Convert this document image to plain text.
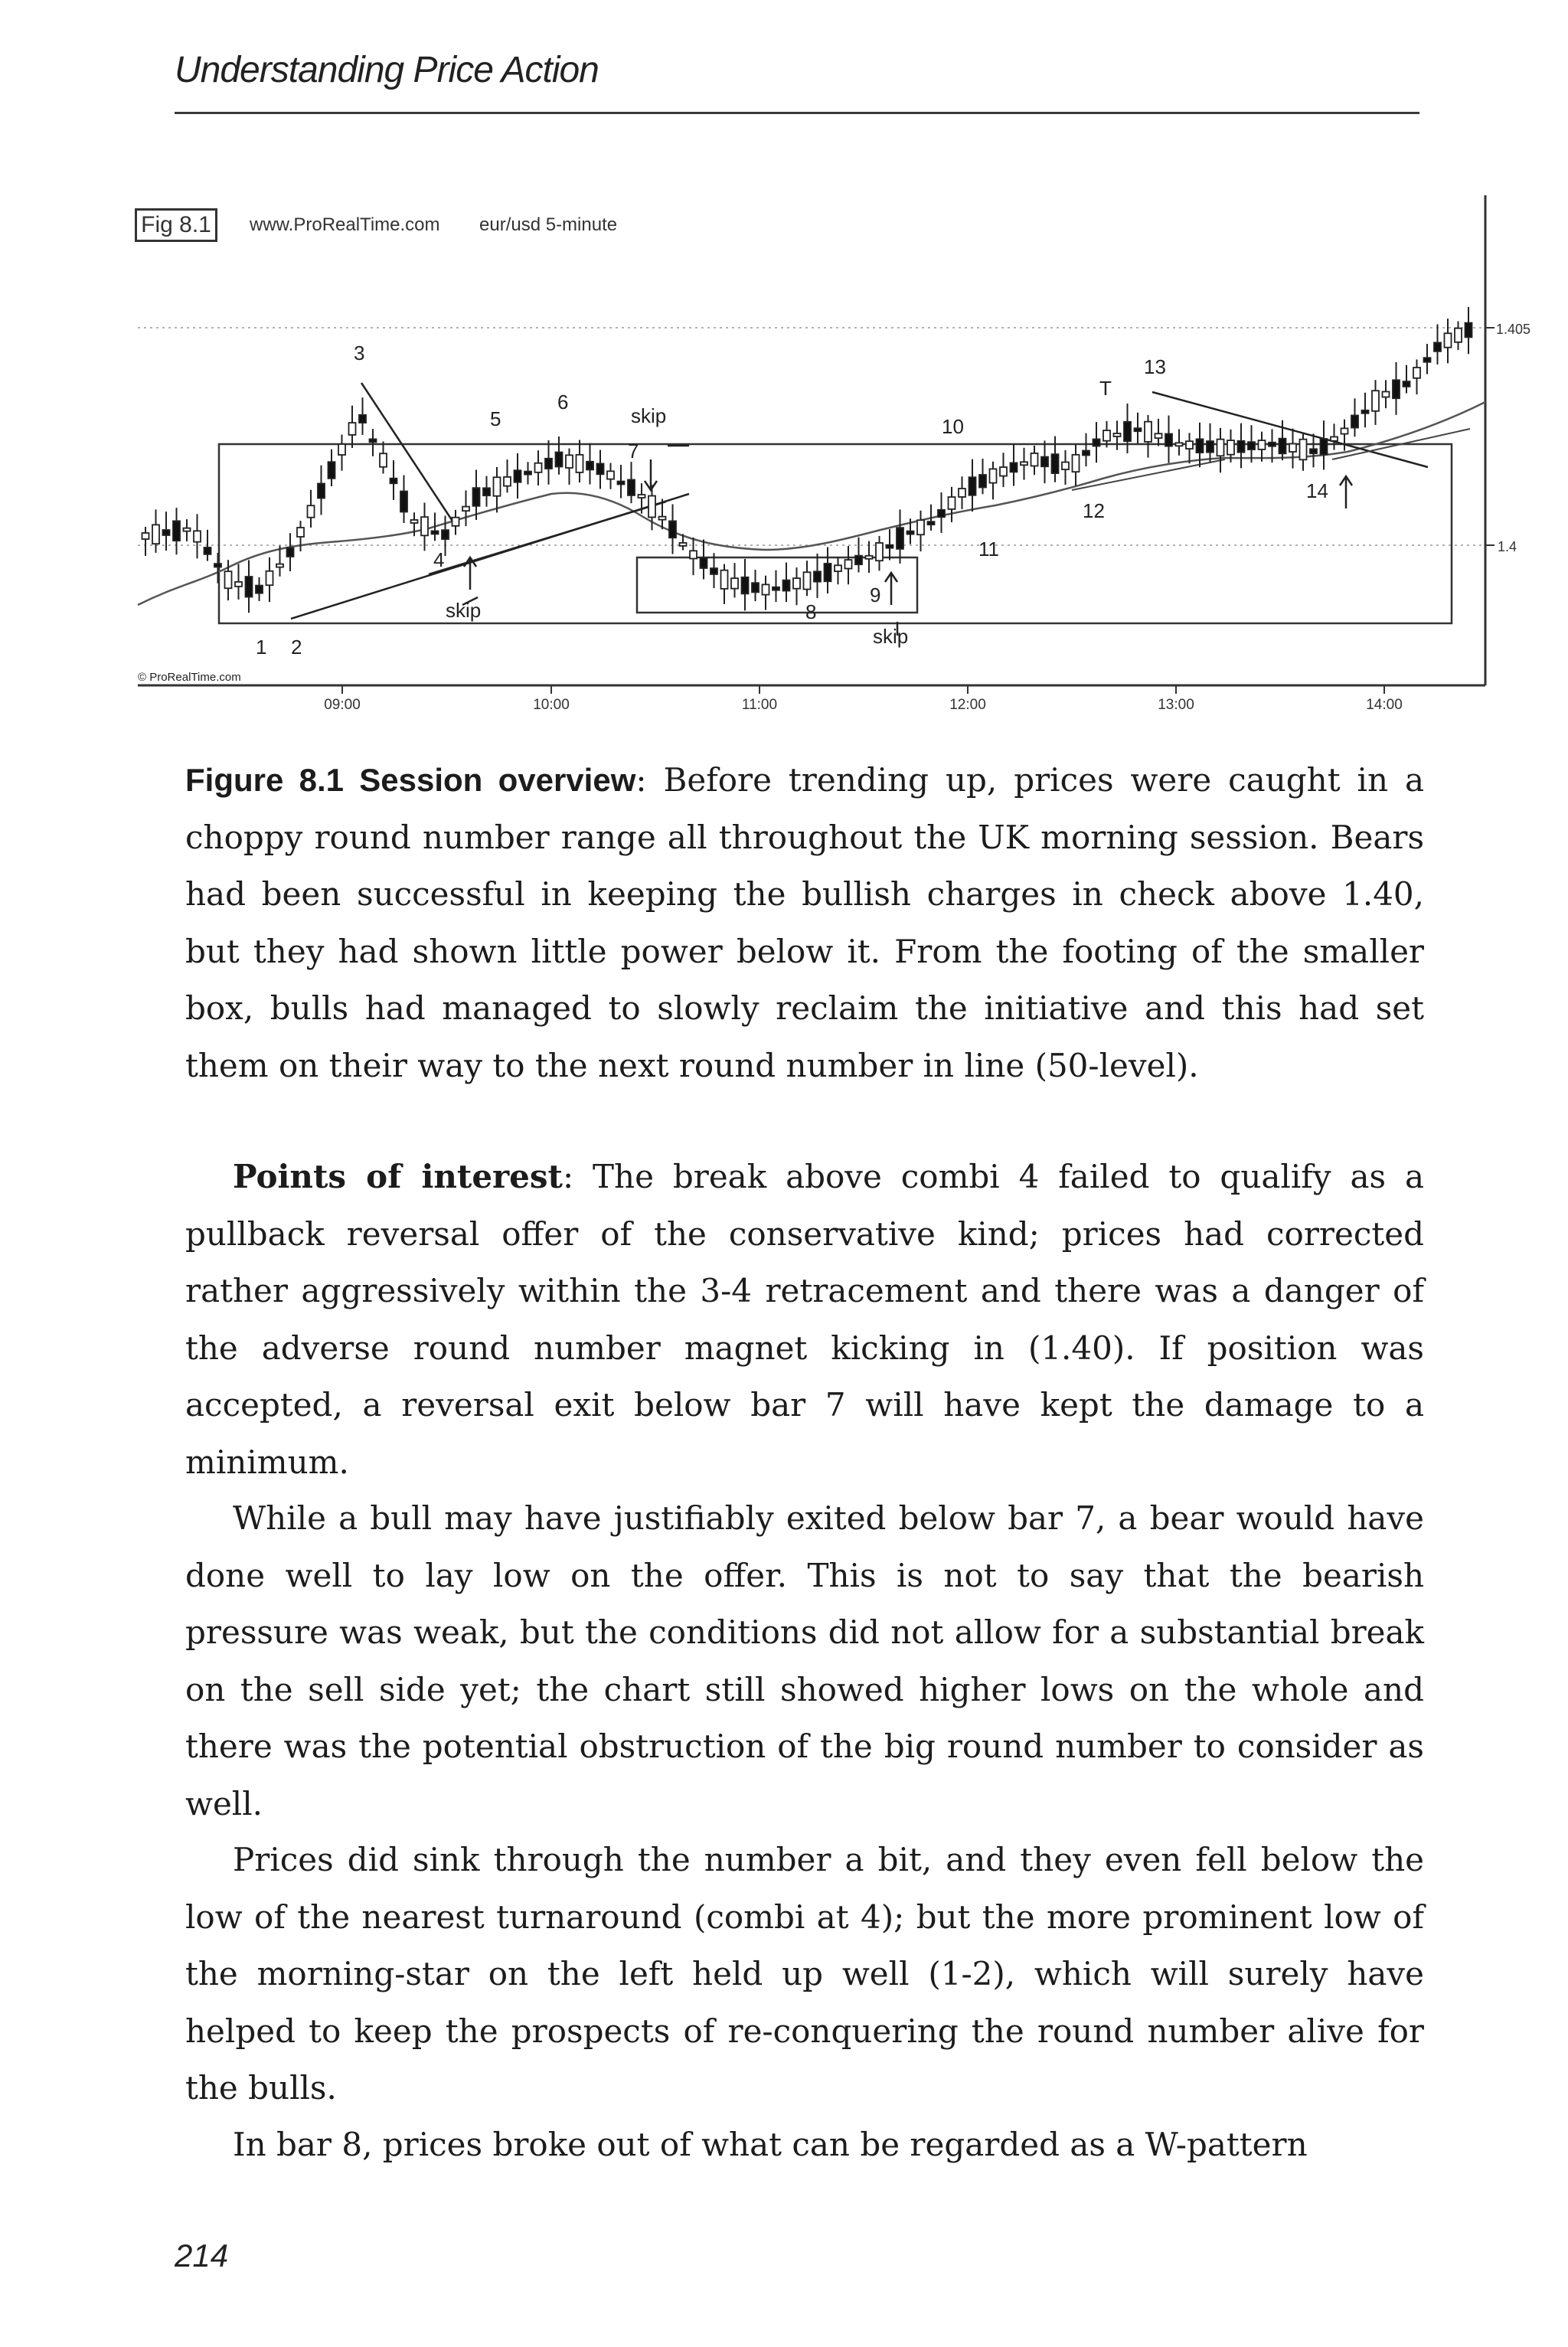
Understanding Price Action
Fig 8.1	www.ProRealTime.com eur/usd 5-minute
1.405
1.4
09:00	10:00	11:00	12:00	13:00	14:00
1 2
3
4
5
6
7
8
9
10
11
12
T
13
14
skip
skip
skip
© ProRealTime.com

Figure 8.1 Session overview: Before trending up, prices were caught in a choppy round number range all throughout the UK morning session. Bears had been successful in keeping the bullish charges in check above 1.40, but they had shown little power below it. From the footing of the smaller box, bulls had managed to slowly reclaim the initiative and this had set them on their way to the next round number in line (50-level).

Points of interest: The break above combi 4 failed to qualify as a pullback reversal offer of the conservative kind; prices had corrected rather aggressively within the 3-4 retracement and there was a danger of the adverse round number magnet kicking in (1.40). If position was accepted, a reversal exit below bar 7 will have kept the damage to a minimum.

While a bull may have justifiably exited below bar 7, a bear would have done well to lay low on the offer. This is not to say that the bearish pressure was weak, but the conditions did not allow for a substantial break on the sell side yet; the chart still showed higher lows on the whole and there was the potential obstruction of the big round number to consider as well.

Prices did sink through the number a bit, and they even fell below the low of the nearest turnaround (combi at 4); but the more prominent low of the morning-star on the left held up well (1-2), which will surely have helped to keep the prospects of re-conquering the round number alive for the bulls.

In bar 8, prices broke out of what can be regarded as a W-pattern

214
